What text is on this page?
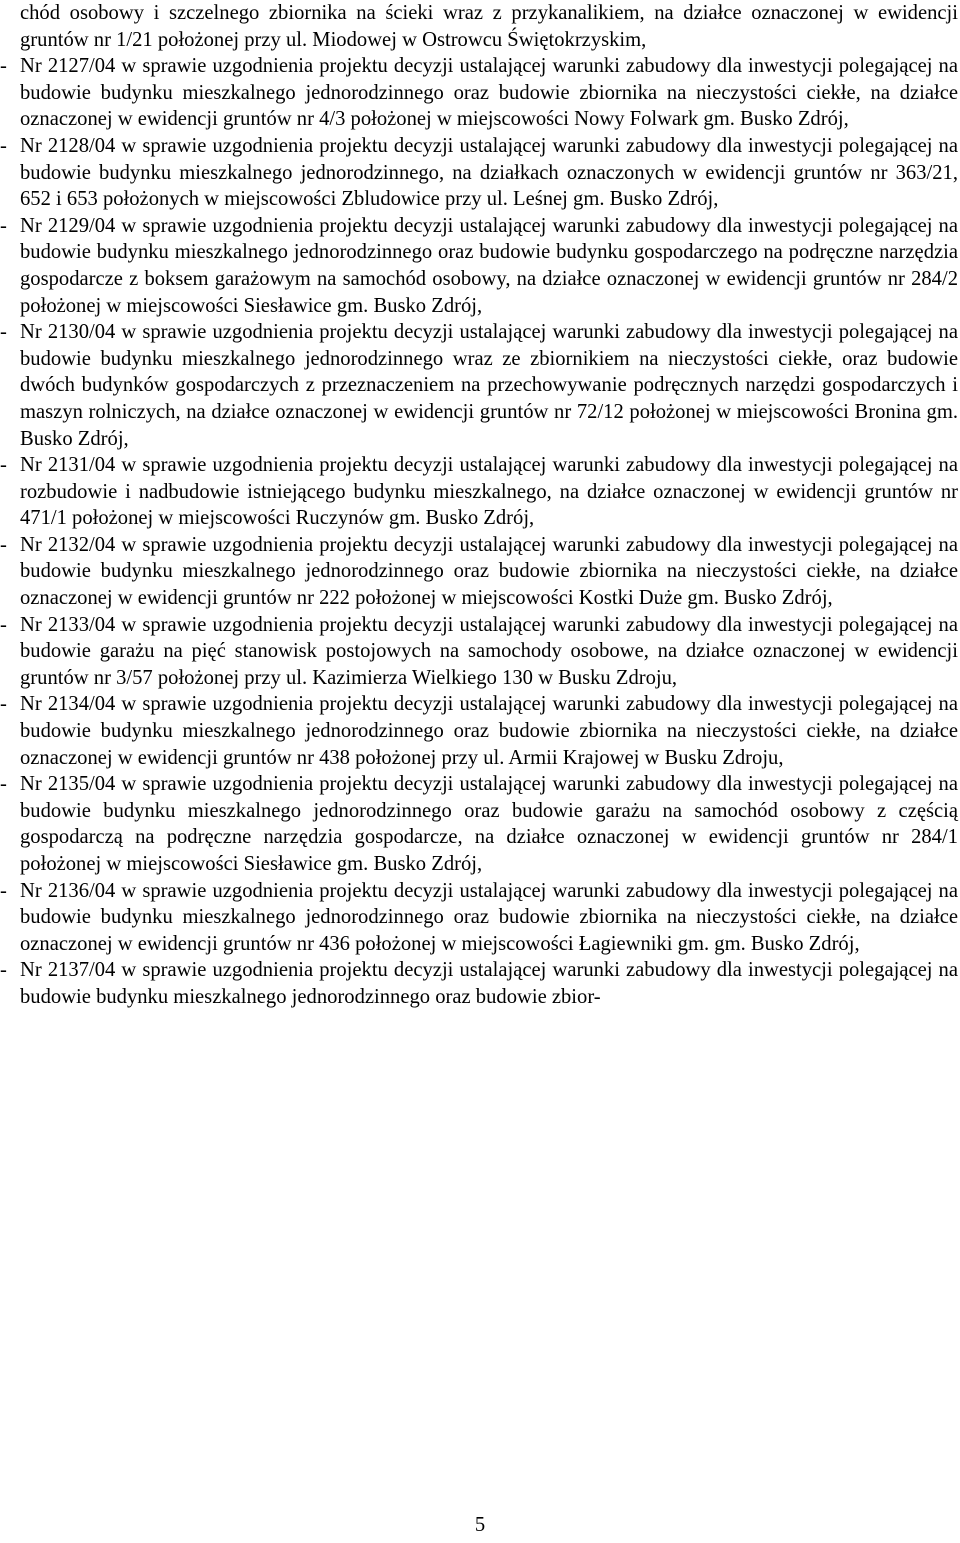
chód osobowy i szczelnego zbiornika na ścieki wraz z przykanalikiem, na działce oznaczonej w ewidencji gruntów nr 1/21 położonej przy ul. Miodowej w Ostrowcu Świętokrzyskim,

- Nr 2127/04 w sprawie uzgodnienia projektu decyzji ustalającej warunki zabudowy dla inwestycji polegającej na budowie budynku mieszkalnego jednorodzinnego oraz budowie zbiornika na nieczystości ciekłe, na działce oznaczonej w ewidencji gruntów nr 4/3 położonej w miejscowości Nowy Folwark gm. Busko Zdrój,
- Nr 2128/04 w sprawie uzgodnienia projektu decyzji ustalającej warunki zabudowy dla inwestycji polegającej na budowie budynku mieszkalnego jednorodzinnego, na działkach oznaczonych w ewidencji gruntów nr 363/21, 652 i 653 położonych w miejscowości Zbludowice przy ul. Leśnej gm. Busko Zdrój,
- Nr 2129/04 w sprawie uzgodnienia projektu decyzji ustalającej warunki zabudowy dla inwestycji polegającej na budowie budynku mieszkalnego jednorodzinnego oraz budowie budynku gospodarczego na podręczne narzędzia gospodarcze z boksem garażowym na samochód osobowy, na działce oznaczonej w ewidencji gruntów nr 284/2 położonej w miejscowości Siesławice gm. Busko Zdrój,
- Nr 2130/04 w sprawie uzgodnienia projektu decyzji ustalającej warunki zabudowy dla inwestycji polegającej na budowie budynku mieszkalnego jednorodzinnego wraz ze zbiornikiem na nieczystości ciekłe, oraz budowie dwóch budynków gospodarczych z przeznaczeniem na przechowywanie podręcznych narzędzi gospodarczych i maszyn rolniczych, na działce oznaczonej w ewidencji gruntów nr 72/12 położonej w miejscowości Bronina gm. Busko Zdrój,
- Nr 2131/04 w sprawie uzgodnienia projektu decyzji ustalającej warunki zabudowy dla inwestycji polegającej na rozbudowie i nadbudowie istniejącego budynku mieszkalnego, na działce oznaczonej w ewidencji gruntów nr 471/1 położonej w miejscowości Ruczynów gm. Busko Zdrój,
- Nr 2132/04 w sprawie uzgodnienia projektu decyzji ustalającej warunki zabudowy dla inwestycji polegającej na budowie budynku mieszkalnego jednorodzinnego oraz budowie zbiornika na nieczystości ciekłe, na działce oznaczonej w ewidencji gruntów nr 222 położonej w miejscowości Kostki Duże gm. Busko Zdrój,
- Nr 2133/04 w sprawie uzgodnienia projektu decyzji ustalającej warunki zabudowy dla inwestycji polegającej na budowie garażu na pięć stanowisk postojowych na samochody osobowe, na działce oznaczonej w ewidencji gruntów nr 3/57 położonej przy ul. Kazimierza Wielkiego 130 w Busku Zdroju,
- Nr 2134/04 w sprawie uzgodnienia projektu decyzji ustalającej warunki zabudowy dla inwestycji polegającej na budowie budynku mieszkalnego jednorodzinnego oraz budowie zbiornika na nieczystości ciekłe, na działce oznaczonej w ewidencji gruntów nr 438 położonej przy ul. Armii Krajowej w Busku Zdroju,
- Nr 2135/04 w sprawie uzgodnienia projektu decyzji ustalającej warunki zabudowy dla inwestycji polegającej na budowie budynku mieszkalnego jednorodzinnego oraz budowie garażu na samochód osobowy z częścią gospodarczą na podręczne narzędzia gospodarcze, na działce oznaczonej w ewidencji gruntów nr 284/1 położonej w miejscowości Siesławice gm. Busko Zdrój,
- Nr 2136/04 w sprawie uzgodnienia projektu decyzji ustalającej warunki zabudowy dla inwestycji polegającej na budowie budynku mieszkalnego jednorodzinnego oraz budowie zbiornika na nieczystości ciekłe, na działce oznaczonej w ewidencji gruntów nr 436 położonej w miejscowości Łagiewniki gm. gm. Busko Zdrój,
- Nr 2137/04 w sprawie uzgodnienia projektu decyzji ustalającej warunki zabudowy dla inwestycji polegającej na budowie budynku mieszkalnego jednorodzinnego oraz budowie zbior-
5
